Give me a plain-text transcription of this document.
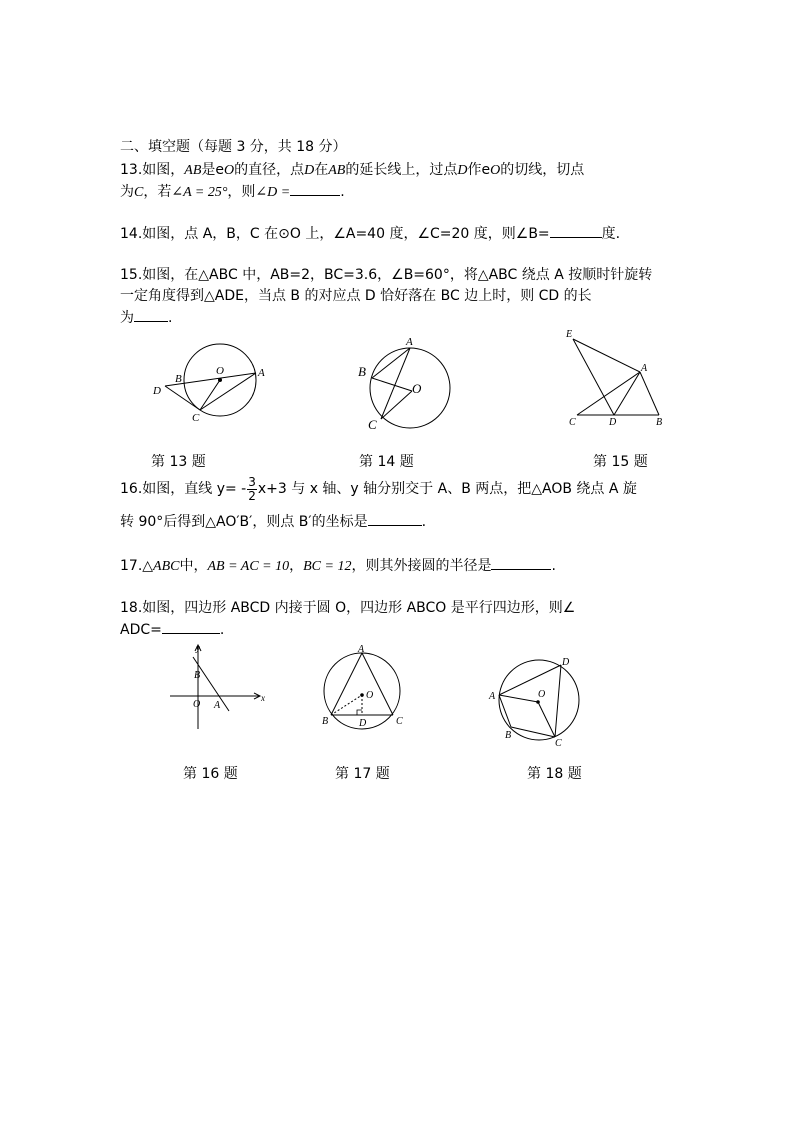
二、填空题（每题 3 分，共 18 分）
13.如图，AB是eO的直径，点D在AB的延长线上，过点D作eO的切线，切点
为C，若∠A = 25°，则∠D =	.
14.如图，点 A，B，C 在⊙O 上，∠A=40 度，∠C=20 度，则∠B=	度.
15.如图，在△ABC 中，AB=2，BC=3.6，∠B=60°，将△ABC 绕点 A 按顺时针旋转
一定角度得到△ADE，当点 B 的对应点 D 恰好落在 BC 边上时，则 CD 的长
为 .
A
B
C
D
O
A
B
C
O
E
A
C	D	B
第 13 题	第 14 题	第 15 题
16.如图，直线 $y= - \frac{3}{2} x+3$ 与 x 轴、y 轴分别交于 A、B 两点，把△AOB 绕点 A 旋
转 90°后得到△AO′B′，则点 B′的坐标是	.
17.△ABC中，AB = AC = 10，BC = 12，则其外接圆的半径是	.
18.如图，四边形 ABCD 内接于圆 O，四边形 ABCO 是平行四边形，则∠
ADC=	.
y
x
B
O A
A
O
B	D	C
A
B
C
D
O
第 16 题	第 17 题	第 18 题
